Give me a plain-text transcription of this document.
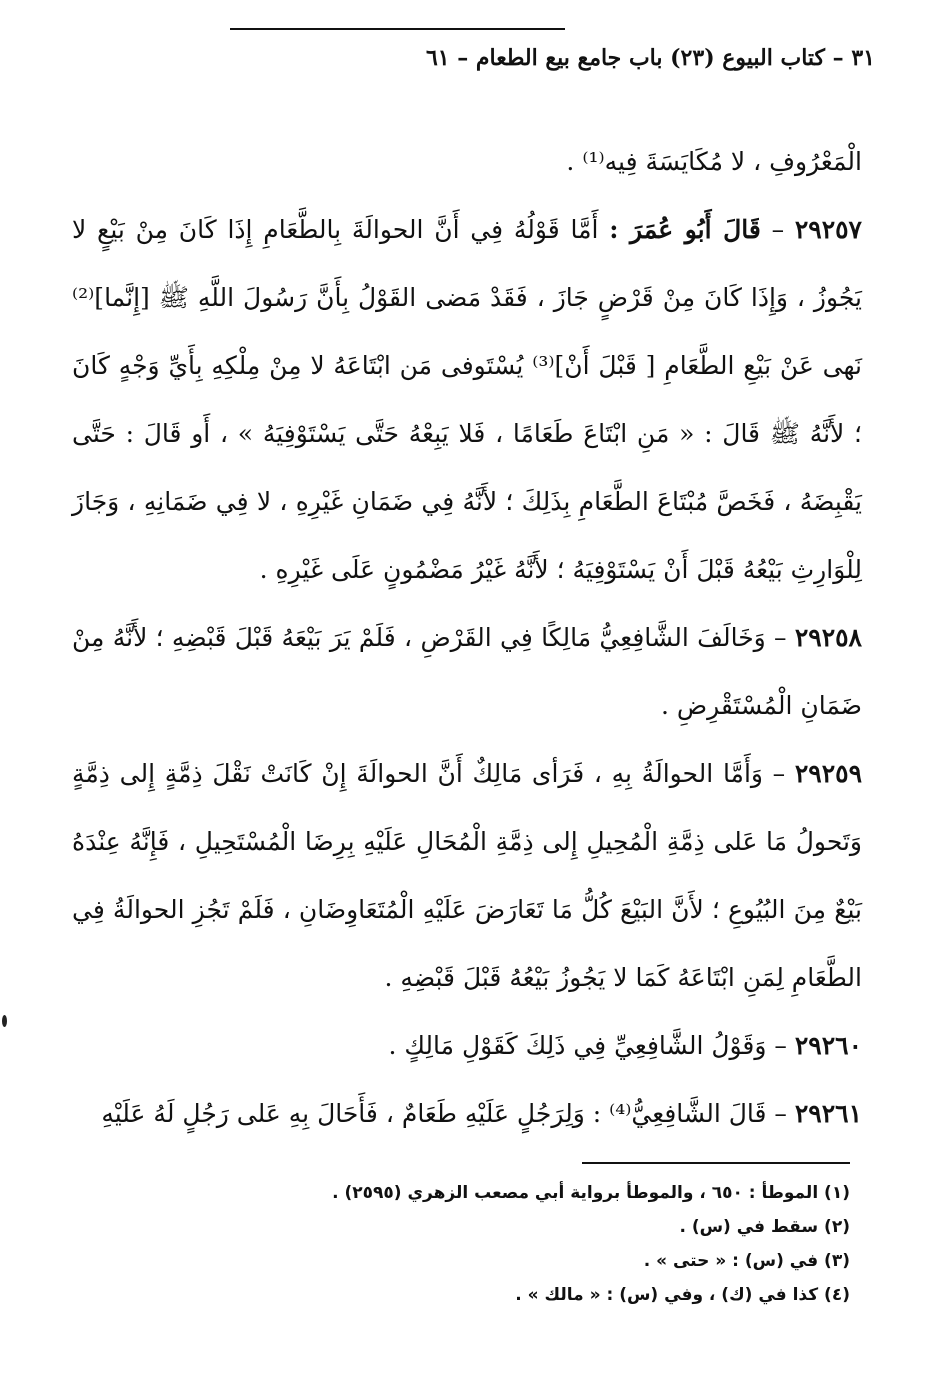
٣١ – كتاب البيوع (٢٣) باب جامع بيع الطعام – ٦١

الْمَعْرُوفِ ، لا مُكَايَسَةَ فِيه⁽¹⁾ .

٢٩٢٥٧ – قَالَ أَبُو عُمَرَ : أَمَّا قَوْلُهُ فِي أَنَّ الحوالَةَ بِالطَّعَامِ إِذَا كَانَ مِنْ بَيْعٍ لا يَجُوزُ ، وَإِذَا كَانَ مِنْ قَرْضٍ جَازَ ، فَقَدْ مَضى القَوْلُ بِأَنَّ رَسُولَ اللَّهِ ﷺ [إِنَّما]⁽²⁾ نَهى عَنْ بَيْعِ الطَّعَامِ [ قَبْلَ أَنْ]⁽³⁾ يُسْتَوفى مَن ابْتَاعَهُ لا مِنْ مِلْكِهِ بِأَيِّ وَجْهٍ كَانَ ؛ لأَنَّهُ ﷺ قَالَ : « مَنِ ابْتَاعَ طَعَامًا ، فَلا يَبِعْهُ حَتَّى يَسْتَوْفِيَهُ » ، أَو قَالَ : حَتَّى يَقْبِضَهُ ، فَخَصَّ مُبْتَاعَ الطَّعَامِ بِذَلِكَ ؛ لأَنَّهُ فِي ضَمَانِ غَيْرِهِ ، لا فِي ضَمَانِهِ ، وَجَازَ لِلْوَارِثِ بَيْعُهُ قَبْلَ أَنْ يَسْتَوْفِيَهُ ؛ لأَنَّهُ غَيْرُ مَضْمُونٍ عَلَى غَيْرِهِ .

٢٩٢٥٨ – وَخَالَفَ الشَّافِعِيُّ مَالِكًا فِي القَرْضِ ، فَلَمْ يَرَ بَيْعَهُ قَبْلَ قَبْضِهِ ؛ لأَنَّهُ مِنْ ضَمَانِ الْمُسْتَقْرِضِ .

٢٩٢٥٩ – وَأَمَّا الحوالَةُ بِهِ ، فَرَأى مَالِكٌ أَنَّ الحوالَةَ إِنْ كَانَتْ نَقْلَ ذِمَّةٍ إِلى ذِمَّةٍ وَتَحولُ مَا عَلى ذِمَّةِ الْمُحِيلِ إِلى ذِمَّةِ الْمُحَالِ عَلَيْهِ بِرِضَا الْمُسْتَحِيلِ ، فَإِنَّهُ عِنْدَهُ بَيْعٌ مِنَ البُيُوعِ ؛ لأَنَّ البَيْعَ كُلُّ مَا تَعَارَضَ عَلَيْهِ الْمُتَعَاوِضَانِ ، فَلَمْ تَجُزِ الحوالَةُ فِي الطَّعَامِ لِمَنِ ابْتَاعَهُ كَمَا لا يَجُوزُ بَيْعُهُ قَبْلَ قَبْضِهِ .

٢٩٢٦٠ – وَقَوْلُ الشَّافِعِيِّ فِي ذَلِكَ كَقَوْلِ مَالِكٍ .

٢٩٢٦١ – قَالَ الشَّافِعِيُّ⁽⁴⁾ : وَلِرَجُلٍ عَلَيْهِ طَعَامٌ ، فَأَحَالَ بِهِ عَلى رَجُلٍ لَهُ عَلَيْهِ

(١) الموطأ : ٦٥٠ ، والموطأ برواية أبي مصعب الزهري (٢٥٩٥) .

(٢) سقط في (س) .

(٣) في (س) : « حتى » .

(٤) كذا في (ك) ، وفي (س) : « مالك » .
